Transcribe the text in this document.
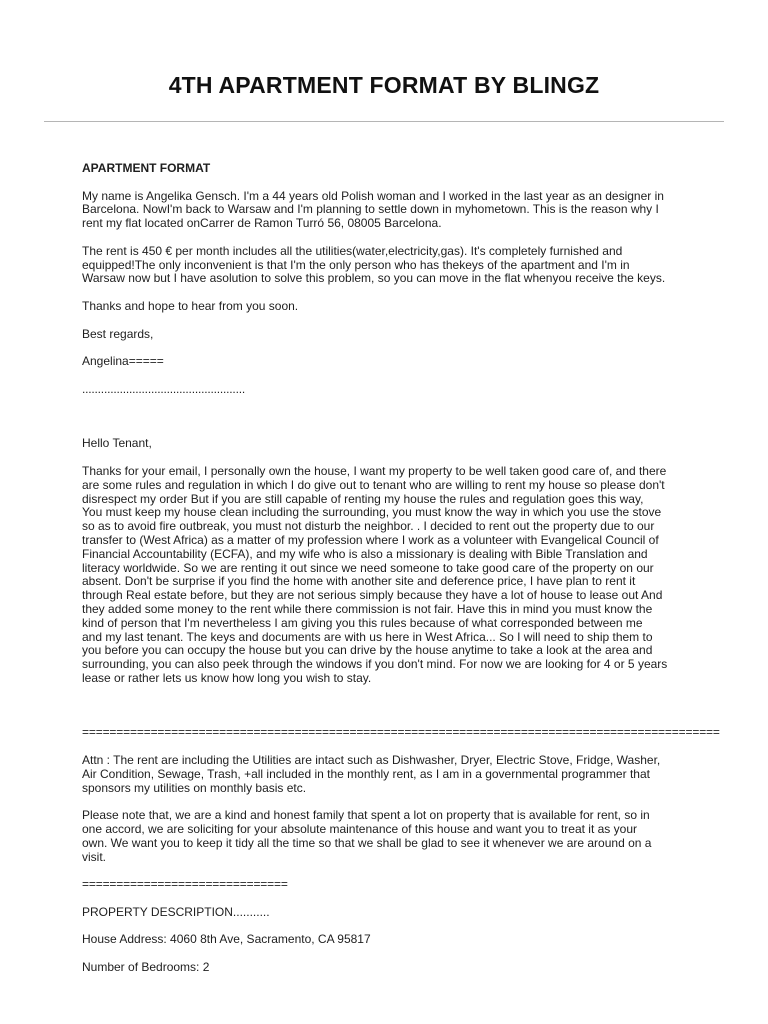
4TH APARTMENT FORMAT BY BLINGZ

APARTMENT FORMAT

My name is Angelika Gensch. I'm a 44 years old Polish woman and I worked in the last year as an designer in
Barcelona. NowI'm back to Warsaw and I'm planning to settle down in myhometown. This is the reason why I
rent my flat located onCarrer de Ramon Turró 56, 08005 Barcelona.

The rent is 450 € per month includes all the utilities(water,electricity,gas). It's completely furnished and
equipped!The only inconvenient is that I'm the only person who has thekeys of the apartment and I'm in
Warsaw now but I have asolution to solve this problem, so you can move in the flat whenyou receive the keys.

Thanks and hope to hear from you soon.

Best regards,

Angelina=====

....................................................

Hello Tenant,

Thanks for your email, I personally own the house, I want my property to be well taken good care of, and there
are some rules and regulation in which I do give out to tenant who are willing to rent my house so please don't
disrespect my order But if you are still capable of renting my house the rules and regulation goes this way,
You must keep my house clean including the surrounding, you must know the way in which you use the stove
so as to avoid fire outbreak, you must not disturb the neighbor. . I decided to rent out the property due to our
transfer to (West Africa) as a matter of my profession where I work as a volunteer with Evangelical Council of
Financial Accountability (ECFA), and my wife who is also a missionary is dealing with Bible Translation and
literacy worldwide. So we are renting it out since we need someone to take good care of the property on our
absent. Don't be surprise if you find the home with another site and deference price, I have plan to rent it
through Real estate before, but they are not serious simply because they have a lot of house to lease out And
they added some money to the rent while there commission is not fair. Have this in mind you must know the
kind of person that I'm nevertheless I am giving you this rules because of what corresponded between me
and my last tenant. The keys and documents are with us here in West Africa... So I will need to ship them to
you before you can occupy the house but you can drive by the house anytime to take a look at the area and
surrounding, you can also peek through the windows if you don't mind. For now we are looking for 4 or 5 years
lease or rather lets us know how long you wish to stay.

=============================================================================================

Attn : The rent are including the Utilities are intact such as Dishwasher, Dryer, Electric Stove, Fridge, Washer,
Air Condition, Sewage, Trash, +all included in the monthly rent, as I am in a governmental programmer that
sponsors my utilities on monthly basis etc.

Please note that, we are a kind and honest family that spent a lot on property that is available for rent, so in
one accord, we are soliciting for your absolute maintenance of this house and want you to treat it as your
own. We want you to keep it tidy all the time so that we shall be glad to see it whenever we are around on a
visit.

==============================

PROPERTY DESCRIPTION...........

House Address: 4060 8th Ave, Sacramento, CA 95817

Number of Bedrooms: 2
